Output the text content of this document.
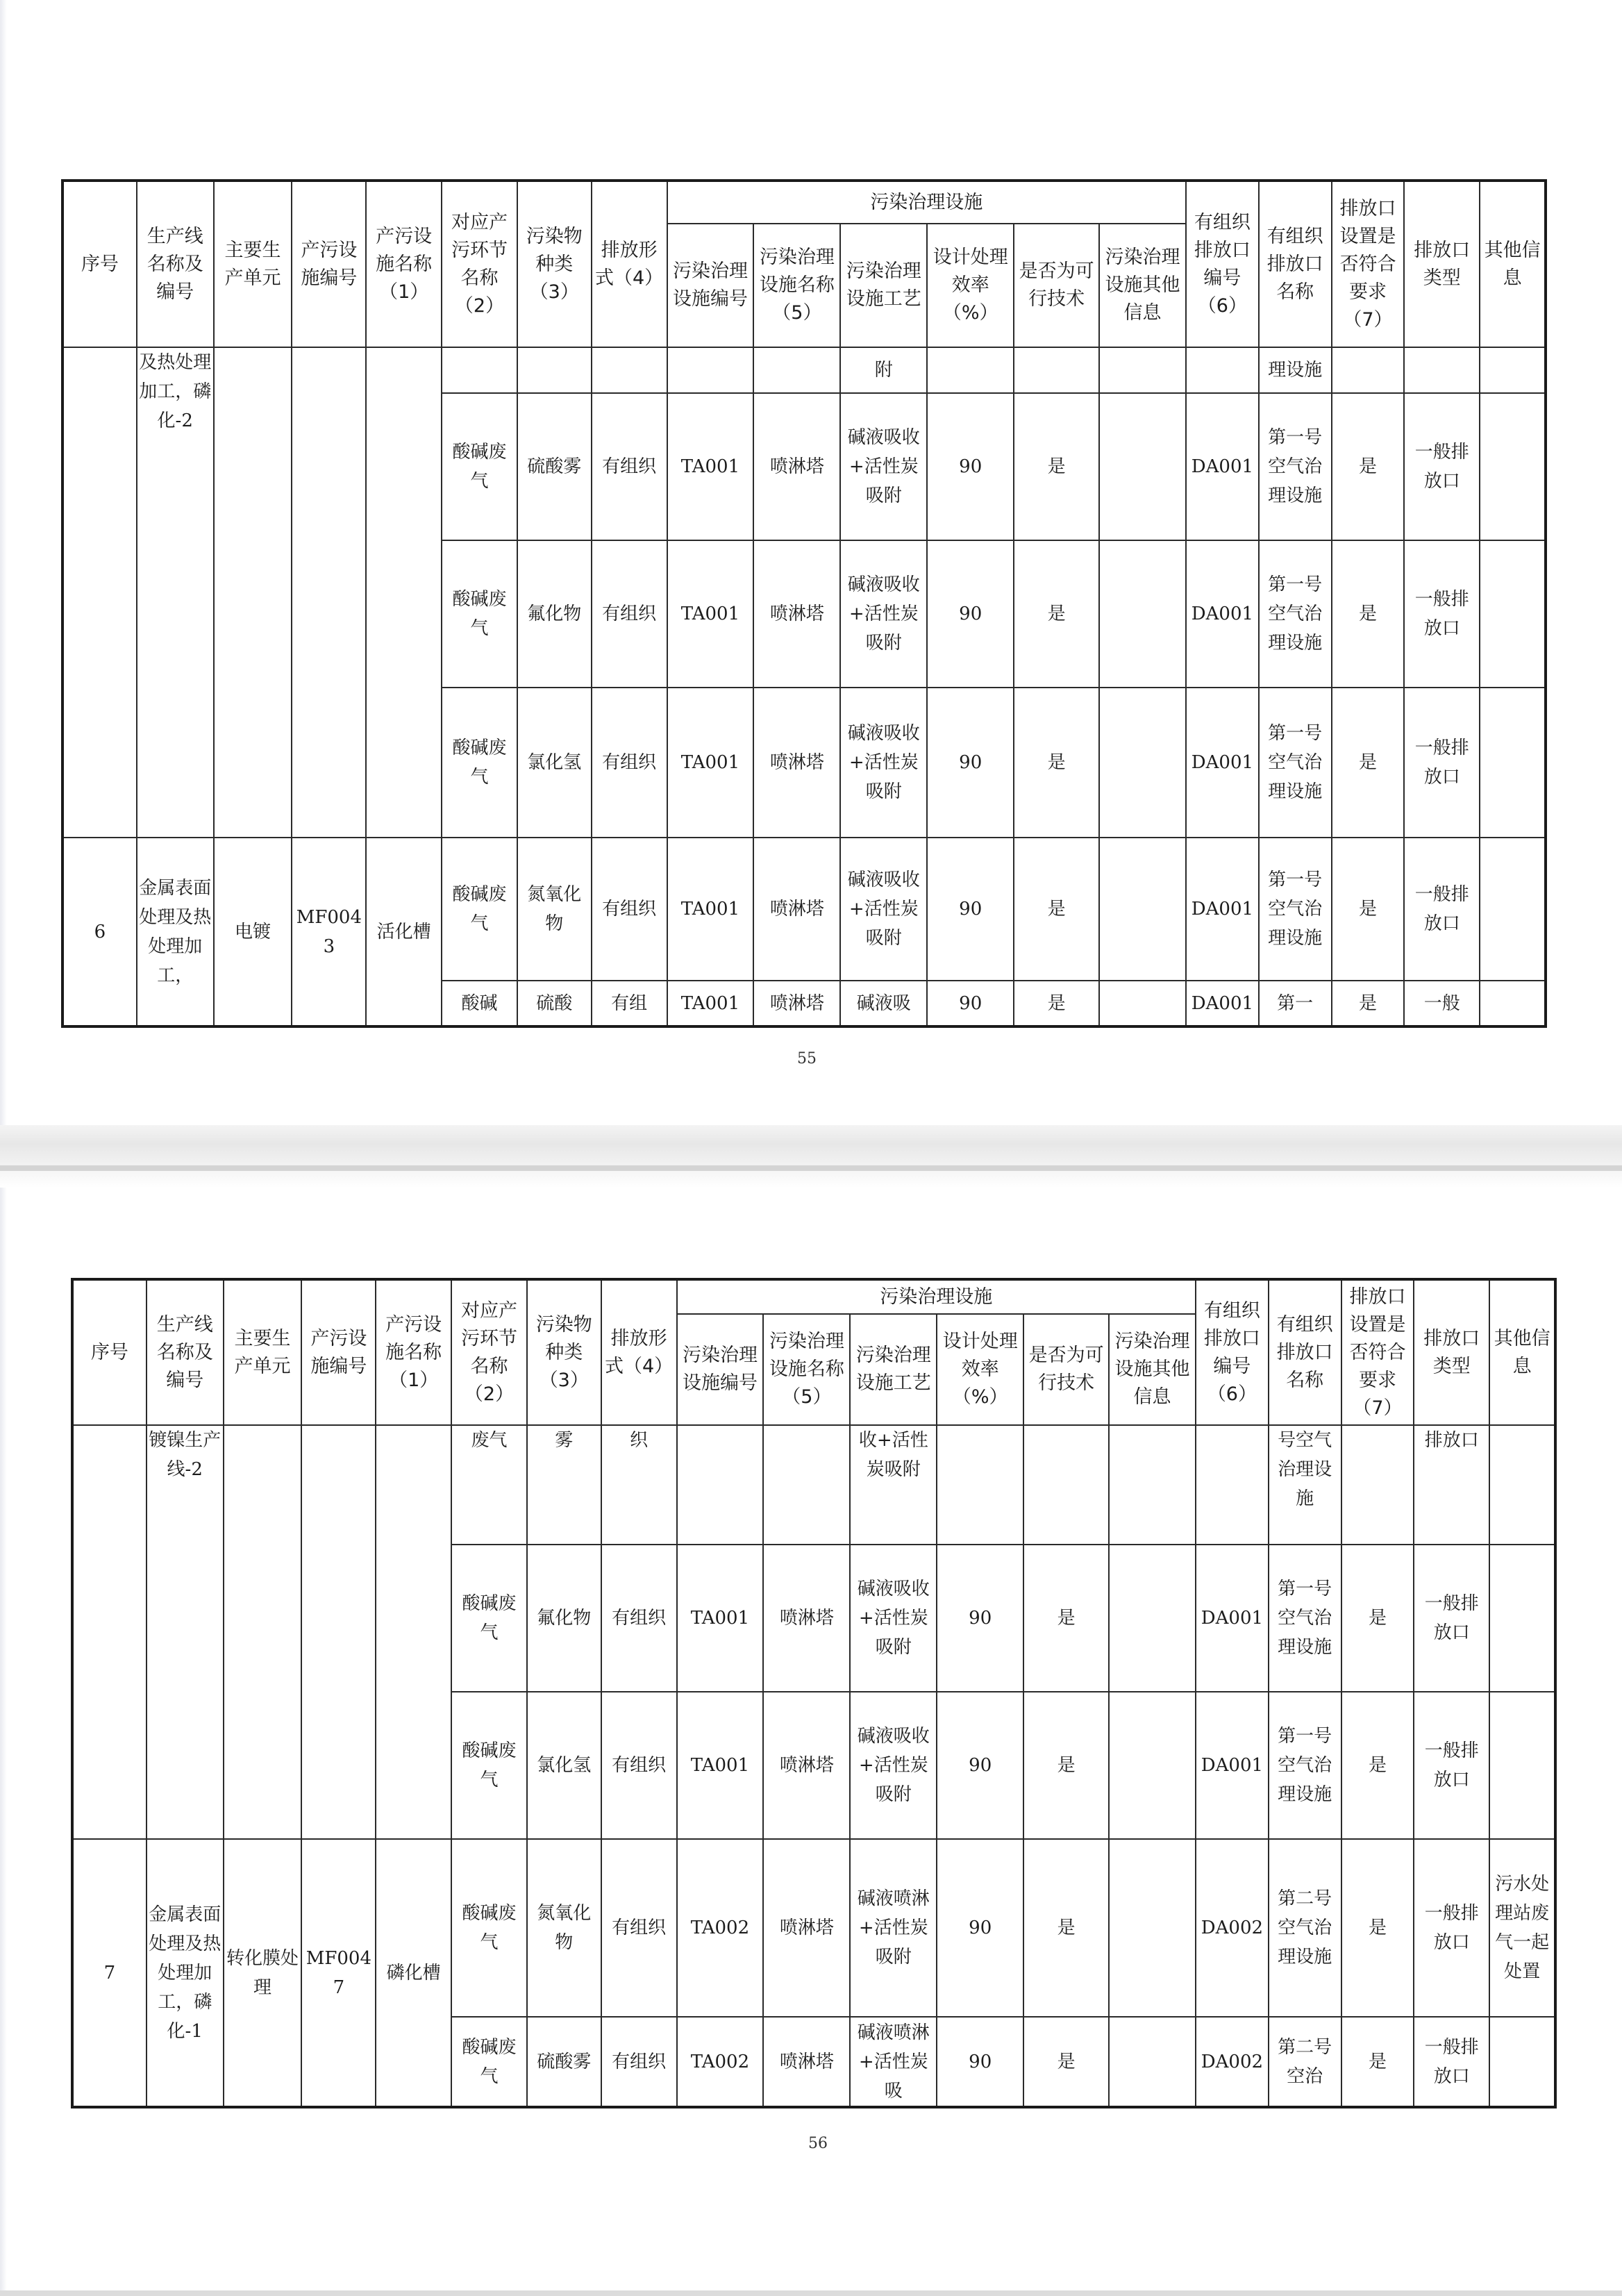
序号	生产线名称及编号	主要生产单元	产污设施编号	产污设施名称（1）	对应产污环节名称（2）	污染物种类（3）	排放形式（4）	污染治理设施						有组织排放口编号（6）	有组织排放口名称	排放口设置是否符合要求（7）	排放口类型	其他信息
								污染治理设施编号	污染治理设施名称（5）	污染治理设施工艺	设计处理效率（%）	是否为可行技术	污染治理设施其他信息					
	及热处理加工，磷化-2									附					理设施			
					酸碱废气	硫酸雾	有组织	TA001	喷淋塔	碱液吸收+活性炭吸附	90	是		DA001	第一号空气治理设施	是	一般排放口	
					酸碱废气	氟化物	有组织	TA001	喷淋塔	碱液吸收+活性炭吸附	90	是		DA001	第一号空气治理设施	是	一般排放口	
					酸碱废气	氯化氢	有组织	TA001	喷淋塔	碱液吸收+活性炭吸附	90	是		DA001	第一号空气治理设施	是	一般排放口	
6	金属表面处理及热处理加工，	电镀	MF0043	活化槽	酸碱废气	氮氧化物	有组织	TA001	喷淋塔	碱液吸收+活性炭吸附	90	是		DA001	第一号空气治理设施	是	一般排放口	
					酸碱	硫酸	有组	TA001	喷淋塔	碱液吸	90	是		DA001	第一	是	一般	
55
序号	生产线名称及编号	主要生产单元	产污设施编号	产污设施名称（1）	对应产污环节名称（2）	污染物种类（3）	排放形式（4）	污染治理设施						有组织排放口编号（6）	有组织排放口名称	排放口设置是否符合要求（7）	排放口类型	其他信息
								污染治理设施编号	污染治理设施名称（5）	污染治理设施工艺	设计处理效率（%）	是否为可行技术	污染治理设施其他信息					
	镀镍生产线-2				废气	雾	织			收+活性炭吸附					号空气治理设施		排放口	
					酸碱废气	氟化物	有组织	TA001	喷淋塔	碱液吸收+活性炭吸附	90	是		DA001	第一号空气治理设施	是	一般排放口	
					酸碱废气	氯化氢	有组织	TA001	喷淋塔	碱液吸收+活性炭吸附	90	是		DA001	第一号空气治理设施	是	一般排放口	
7	金属表面处理及热处理加工，磷化-1	转化膜处理	MF0047	磷化槽	酸碱废气	氮氧化物	有组织	TA002	喷淋塔	碱液喷淋+活性炭吸附	90	是		DA002	第二号空气治理设施	是	一般排放口	污水处理站废气一起处置
					酸碱废气	硫酸雾	有组织	TA002	喷淋塔	碱液喷淋+活性炭吸	90	是		DA002	第二号空治	是	一般排放口	
56
